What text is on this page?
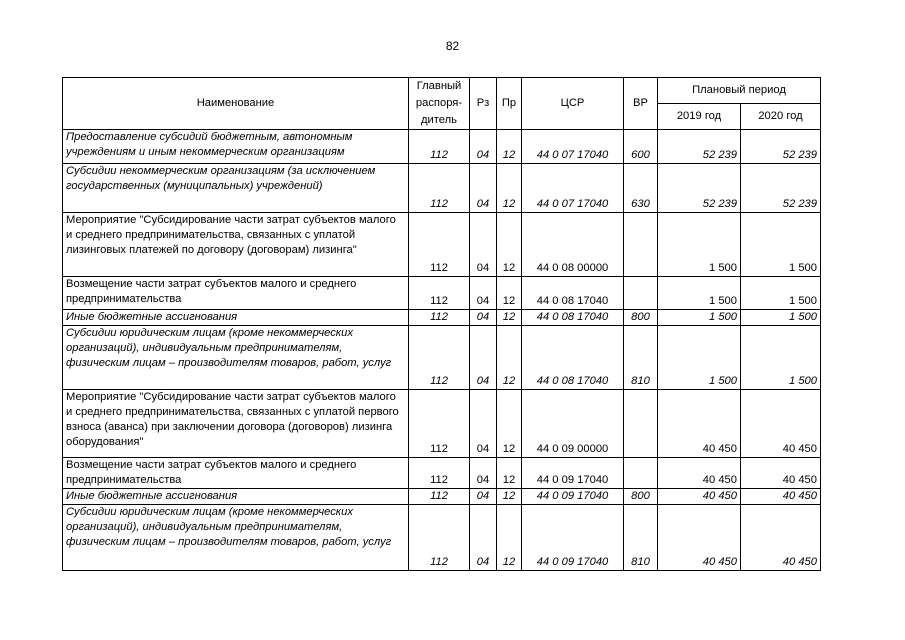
82
Наименование	Главный распоря-дитель	Рз	Пр	ЦСР	ВР	Плановый период	
						2019 год	2020 год
Предоставление субсидий бюджетным, автономным учреждениям и иным некоммерческим организациям	112	04	12	44 0 07 17040	600	52 239	52 239
Субсидии некоммерческим организациям (за исключением государственных (муниципальных) учреждений)	112	04	12	44 0 07 17040	630	52 239	52 239
Мероприятие "Субсидирование части затрат субъектов малого и среднего предпринимательства, связанных с уплатой лизинговых платежей по договору (договорам) лизинга"	112	04	12	44 0 08 00000		1 500	1 500
Возмещение части затрат субъектов малого и среднего предпринимательства	112	04	12	44 0 08 17040		1 500	1 500
Иные бюджетные ассигнования	112	04	12	44 0 08 17040	800	1 500	1 500
Субсидии юридическим лицам (кроме некоммерческих организаций), индивидуальным предпринимателям, физическим лицам – производителям товаров, работ, услуг	112	04	12	44 0 08 17040	810	1 500	1 500
Мероприятие "Субсидирование части затрат субъектов малого и среднего предпринимательства, связанных с уплатой первого взноса (аванса) при заключении договора (договоров) лизинга оборудования"	112	04	12	44 0 09 00000		40 450	40 450
Возмещение части затрат субъектов малого и среднего предпринимательства	112	04	12	44 0 09 17040		40 450	40 450
Иные бюджетные ассигнования	112	04	12	44 0 09 17040	800	40 450	40 450
Субсидии юридическим лицам (кроме некоммерческих организаций), индивидуальным предпринимателям, физическим лицам – производителям товаров, работ, услуг	112	04	12	44 0 09 17040	810	40 450	40 450
